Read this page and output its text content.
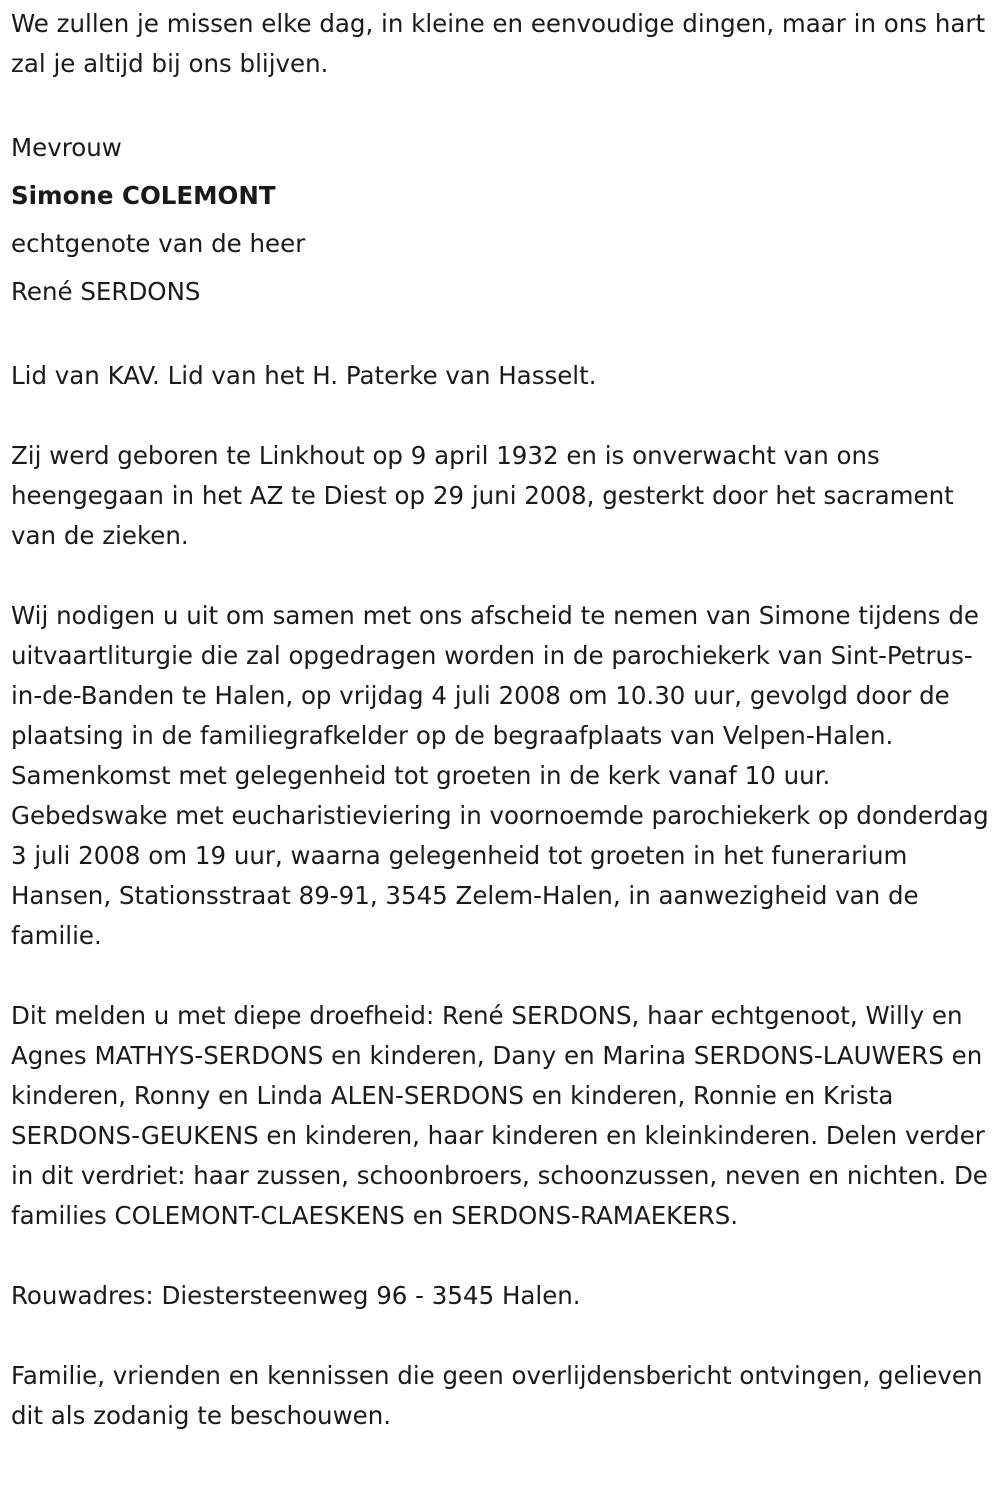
We zullen je missen elke dag, in kleine en eenvoudige dingen, maar in ons hart zal je altijd bij ons blijven.

Mevrouw

Simone COLEMONT

echtgenote van de heer

René SERDONS

Lid van KAV. Lid van het H. Paterke van Hasselt.

Zij werd geboren te Linkhout op 9 april 1932 en is onverwacht van ons heengegaan in het AZ te Diest op 29 juni 2008, gesterkt door het sacrament van de zieken.

Wij nodigen u uit om samen met ons afscheid te nemen van Simone tijdens de uitvaartliturgie die zal opgedragen worden in de parochiekerk van Sint-Petrus-in-de-Banden te Halen, op vrijdag 4 juli 2008 om 10.30 uur, gevolgd door de plaatsing in de familiegrafkelder op de begraafplaats van Velpen-Halen. Samenkomst met gelegenheid tot groeten in de kerk vanaf 10 uur. Gebedswake met eucharistieviering in voornoemde parochiekerk op donderdag 3 juli 2008 om 19 uur, waarna gelegenheid tot groeten in het funerarium Hansen, Stationsstraat 89-91, 3545 Zelem-Halen, in aanwezigheid van de familie.

Dit melden u met diepe droefheid: René SERDONS, haar echtgenoot, Willy en Agnes MATHYS-SERDONS en kinderen, Dany en Marina SERDONS-LAUWERS en kinderen, Ronny en Linda ALEN-SERDONS en kinderen, Ronnie en Krista SERDONS-GEUKENS en kinderen, haar kinderen en kleinkinderen. Delen verder in dit verdriet: haar zussen, schoonbroers, schoonzussen, neven en nichten. De families COLEMONT-CLAESKENS en SERDONS-RAMAEKERS.

Rouwadres: Diestersteenweg 96 - 3545 Halen.

Familie, vrienden en kennissen die geen overlijdensbericht ontvingen, gelieven dit als zodanig te beschouwen.
